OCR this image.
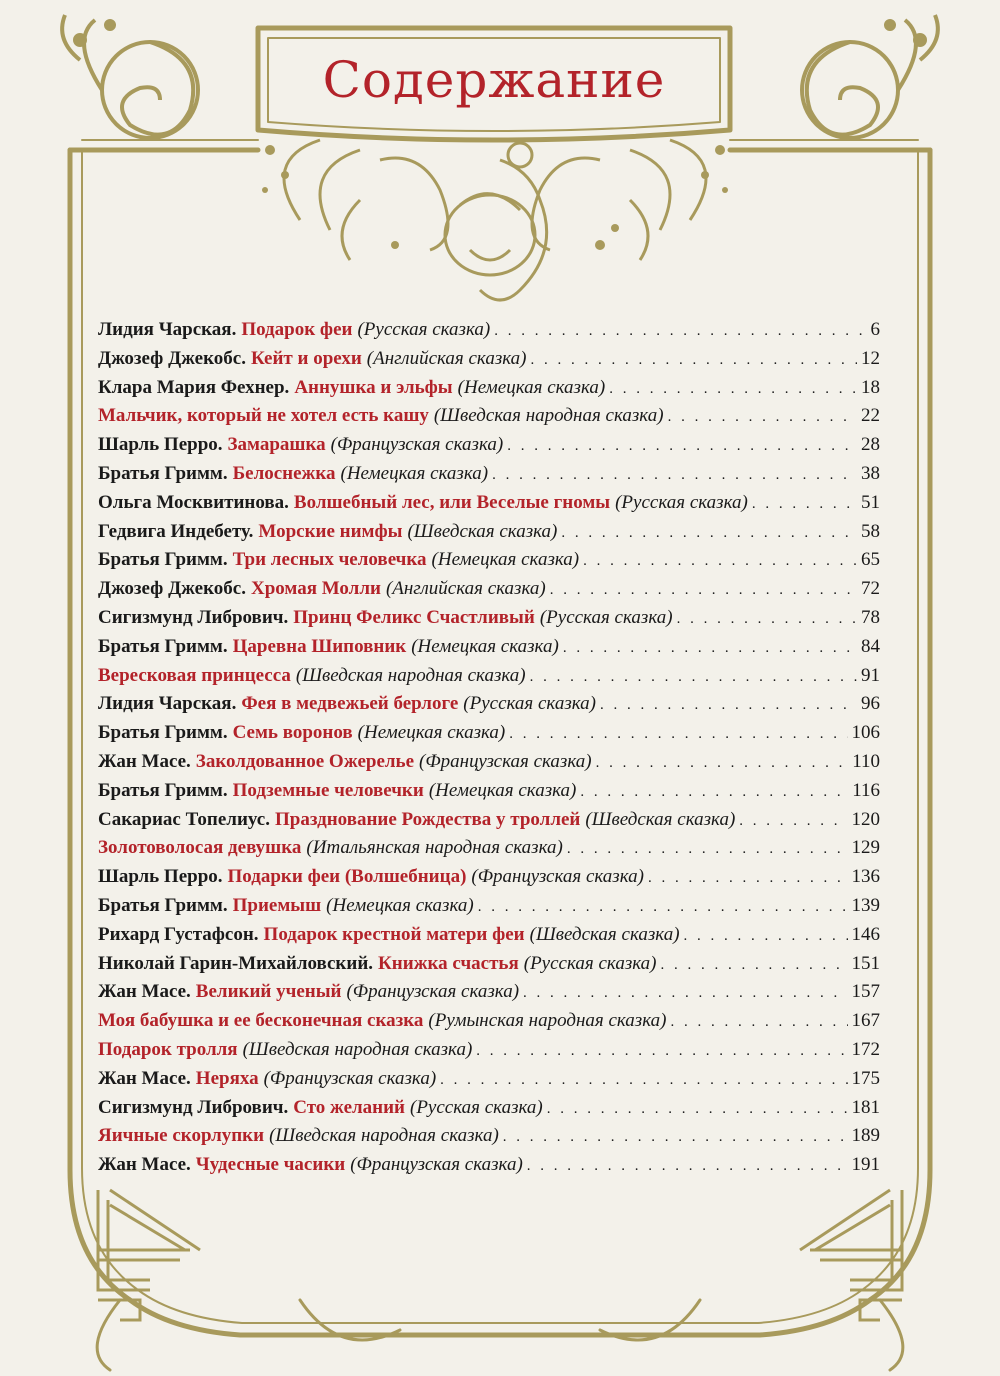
Содержание
Лидия Чарская. Подарок феи (Русская сказка) . . .	6
Джозеф Джекобс. Кейт и орехи (Английская сказка) . . .	12
Клара Мария Фехнер. Аннушка и эльфы (Немецкая сказка) . . .	18
Мальчик, который не хотел есть кашу (Шведская народная сказка) . . .	22
Шарль Перро. Замарашка (Французская сказка) . . .	28
Братья Гримм. Белоснежка (Немецкая сказка) . . .	38
Ольга Москвитинова. Волшебный лес, или Веселые гномы (Русская сказка) . . .	51
Гедвига Индебету. Морские нимфы (Шведская сказка) . . .	58
Братья Гримм. Три лесных человечка (Немецкая сказка) . . .	65
Джозеф Джекобс. Хромая Молли (Английская сказка) . . .	72
Сигизмунд Либрович. Принц Феликс Счастливый (Русская сказка) . . .	78
Братья Гримм. Царевна Шиповник (Немецкая сказка) . . .	84
Вересковая принцесса (Шведская народная сказка) . . .	91
Лидия Чарская. Фея в медвежьей берлоге (Русская сказка) . . .	96
Братья Гримм. Семь воронов (Немецкая сказка) . . .	106
Жан Масе. Заколдованное Ожерелье (Французская сказка) . . .	110
Братья Гримм. Подземные человечки (Немецкая сказка) . . .	116
Сакариас Топелиус. Празднование Рождества у троллей (Шведская сказка) . . .	120
Золотоволосая девушка (Итальянская народная сказка) . . .	129
Шарль Перро. Подарки феи (Волшебница) (Французская сказка) . . .	136
Братья Гримм. Приемыш (Немецкая сказка) . . .	139
Рихард Густафсон. Подарок крестной матери феи (Шведская сказка) . . .	146
Николай Гарин-Михайловский. Книжка счастья (Русская сказка) . . .	151
Жан Масе. Великий ученый (Французская сказка) . . .	157
Моя бабушка и ее бесконечная сказка (Румынская народная сказка) . . .	167
Подарок тролля (Шведская народная сказка) . . .	172
Жан Масе. Неряха (Французская сказка) . . .	175
Сигизмунд Либрович. Сто желаний (Русская сказка) . . .	181
Яичные скорлупки (Шведская народная сказка) . . .	189
Жан Масе. Чудесные часики (Французская сказка) . . .	191
